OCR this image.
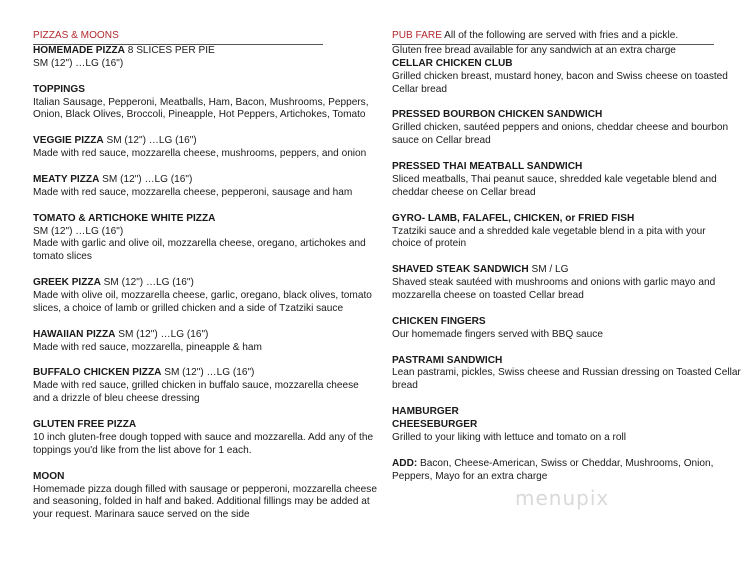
PIZZAS & MOONS
HOMEMADE PIZZA 8 SLICES PER PIE
SM (12") …LG (16")
TOPPINGS
Italian Sausage, Pepperoni, Meatballs, Ham, Bacon, Mushrooms, Peppers,
Onion, Black Olives, Broccoli, Pineapple, Hot Peppers, Artichokes, Tomato
VEGGIE PIZZA SM (12") …LG (16")
Made with red sauce, mozzarella cheese, mushrooms, peppers, and onion
MEATY PIZZA SM (12") …LG (16")
Made with red sauce, mozzarella cheese, pepperoni, sausage and ham
TOMATO & ARTICHOKE WHITE PIZZA
SM (12") …LG (16")
Made with garlic and olive oil, mozzarella cheese, oregano, artichokes and
tomato slices
GREEK PIZZA SM (12") …LG (16")
Made with olive oil, mozzarella cheese, garlic, oregano, black olives, tomato
slices, a choice of lamb or grilled chicken and a side of Tzatziki sauce
HAWAIIAN PIZZA SM (12") …LG (16")
Made with red sauce, mozzarella, pineapple & ham
BUFFALO CHICKEN PIZZA SM (12") …LG (16")
Made with red sauce, grilled chicken in buffalo sauce, mozzarella cheese
and a drizzle of bleu cheese dressing
GLUTEN FREE PIZZA
10 inch gluten-free dough topped with sauce and mozzarella. Add any of the
toppings you'd like from the list above for 1 each.
MOON
Homemade pizza dough filled with sausage or pepperoni, mozzarella cheese
and seasoning, folded in half and baked. Additional fillings may be added at
your request. Marinara sauce served on the side
PUB FARE All of the following are served with fries and a pickle.
Gluten free bread available for any sandwich at an extra charge
CELLAR CHICKEN CLUB
Grilled chicken breast, mustard honey, bacon and Swiss cheese on toasted
Cellar bread
PRESSED BOURBON CHICKEN SANDWICH
Grilled chicken, sautéed peppers and onions, cheddar cheese and bourbon
sauce on Cellar bread
PRESSED THAI MEATBALL SANDWICH
Sliced meatballs, Thai peanut sauce, shredded kale vegetable blend and
cheddar cheese on Cellar bread
GYRO- LAMB, FALAFEL, CHICKEN, or FRIED FISH
Tzatziki sauce and a shredded kale vegetable blend in a pita with your
choice of protein
SHAVED STEAK SANDWICH SM / LG
Shaved steak sautéed with mushrooms and onions with garlic mayo and
mozzarella cheese on toasted Cellar bread
CHICKEN FINGERS
Our homemade fingers served with BBQ sauce
PASTRAMI SANDWICH
Lean pastrami, pickles, Swiss cheese and Russian dressing on Toasted Cellar
bread
HAMBURGER
CHEESEBURGER
Grilled to your liking with lettuce and tomato on a roll
ADD: Bacon, Cheese-American, Swiss or Cheddar, Mushrooms, Onion,
Peppers, Mayo for an extra charge
menupix
